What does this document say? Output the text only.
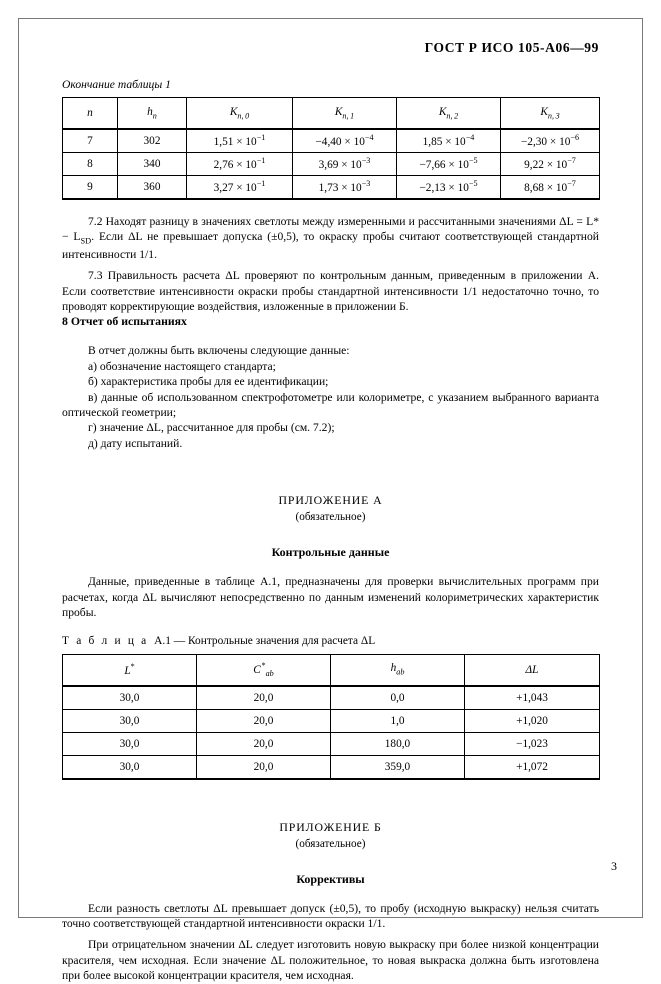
ГОСТ Р ИСО 105-A06—99
Окончание таблицы 1
n	$h_n$	$K_{n, 0}$	$K_{n, 1}$	$K_{n, 2}$	$K_{n, 3}$
7	302	$1,51 \times 10^{-1}$	$-4,40 \times 10^{-4}$	$1,85 \times 10^{-4}$	$-2,30 \times 10^{-6}$
8	340	$2,76 \times 10^{-1}$	$3,69 \times 10^{-3}$	$-7,66 \times 10^{-5}$	$9,22 \times 10^{-7}$
9	360	$3,27 \times 10^{-1}$	$1,73 \times 10^{-3}$	$-2,13 \times 10^{-5}$	$8,68 \times 10^{-7}$

7.2 Находят разницу в значениях светлоты между измеренными и рассчитанными значениями $\Delta L = L* - L_{SD}$. Если ΔL не превышает допуска (±0,5), то окраску пробы считают соответствующей стандартной интенсивности 1/1.

7.3 Правильность расчета ΔL проверяют по контрольным данным, приведенным в приложении А. Если соответствие интенсивности окраски пробы стандартной интенсивности 1/1 недостаточно точно, то проводят корректирующие воздействия, изложенные в приложении Б.

8 Отчет об испытаниях

В отчет должны быть включены следующие данные:

а) обозначение настоящего стандарта;

б) характеристика пробы для ее идентификации;

в) данные об использованном спектрофотометре или колориметре, с указанием выбранного варианта оптической геометрии;

г) значение ΔL, рассчитанное для пробы (см. 7.2);

д) дату испытаний.

ПРИЛОЖЕНИЕ А

(обязательное)

Контрольные данные

Данные, приведенные в таблице А.1, предназначены для проверки вычислительных программ при расчетах, когда ΔL вычисляют непосредственно по данным изменений колориметрических характеристик пробы.

Т а б л и ц а А.1 — Контрольные значения для расчета ΔL

L*	C *$_{ab}$	$h_{ab}$	ΔL
30,0	20,0	0,0	+1,043
30,0	20,0	1,0	+1,020
30,0	20,0	180,0	−1,023
30,0	20,0	359,0	+1,072

ПРИЛОЖЕНИЕ Б

(обязательное)

Коррективы

Если разность светлоты ΔL превышает допуск (±0,5), то пробу (исходную выкраску) нельзя считать точно соответствующей стандартной интенсивности окраски 1/1.

При отрицательном значении ΔL следует изготовить новую выкраску при более низкой концентрации красителя, чем исходная. Если значение ΔL положительное, то новая выкраска должна быть изготовлена при более высокой концентрации красителя, чем исходная.

3
